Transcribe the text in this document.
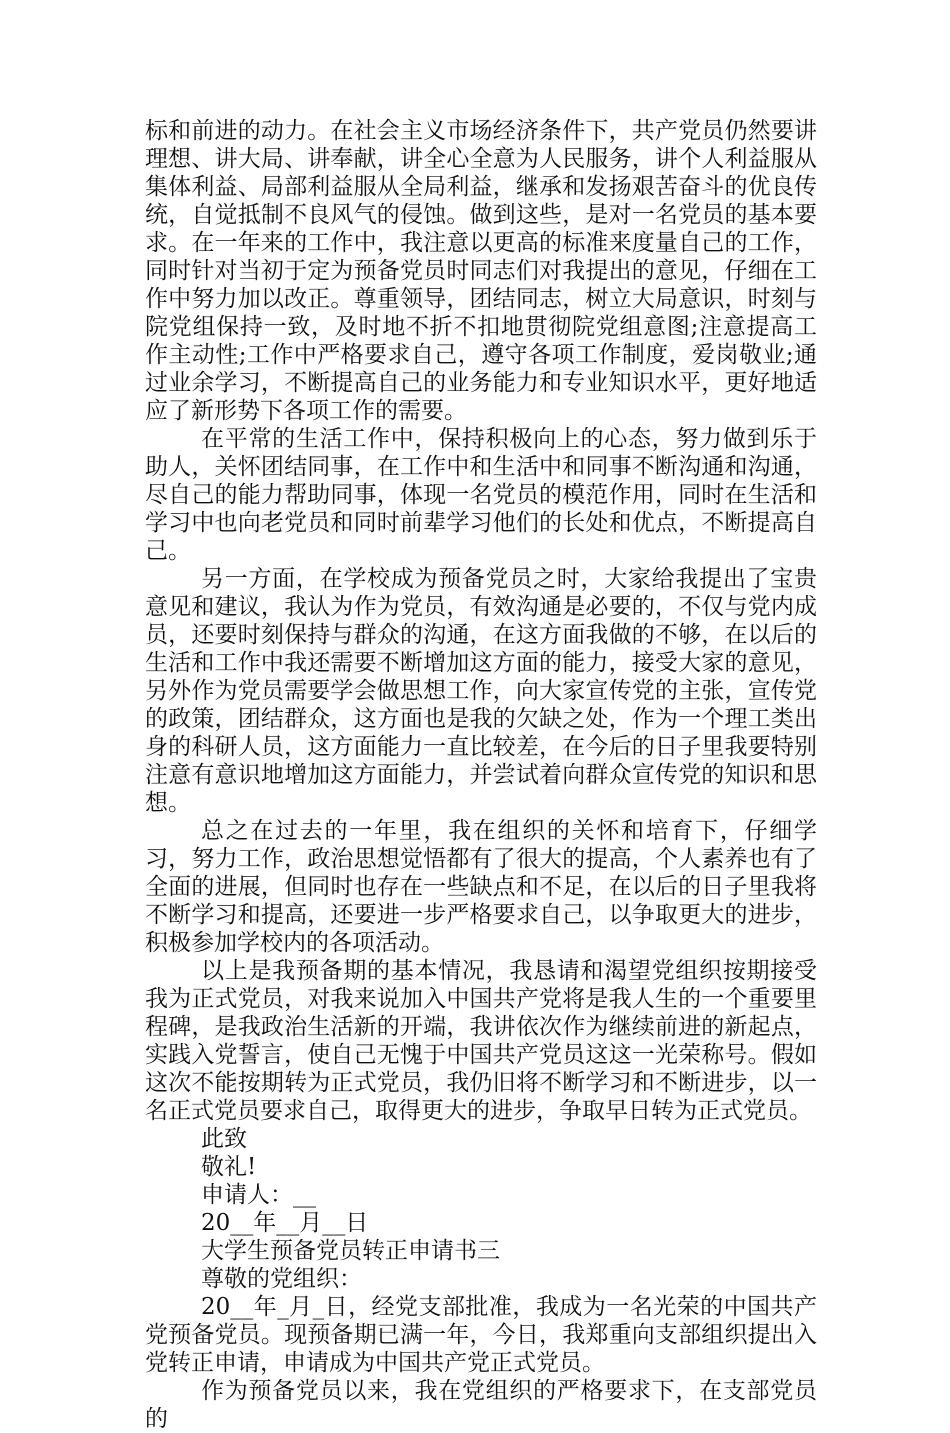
标和前进的动力。在社会主义市场经济条件下，共产党员仍然要讲理想、讲大局、讲奉献，讲全心全意为人民服务，讲个人利益服从集体利益、局部利益服从全局利益，继承和发扬艰苦奋斗的优良传统，自觉抵制不良风气的侵蚀。做到这些，是对一名党员的基本要求。在一年来的工作中，我注意以更高的标准来度量自己的工作，同时针对当初于定为预备党员时同志们对我提出的意见，仔细在工作中努力加以改正。尊重领导，团结同志，树立大局意识，时刻与院党组保持一致，及时地不折不扣地贯彻院党组意图;注意提高工作主动性;工作中严格要求自己，遵守各项工作制度，爱岗敬业;通过业余学习，不断提高自己的业务能力和专业知识水平，更好地适应了新形势下各项工作的需要。

在平常的生活工作中，保持积极向上的心态，努力做到乐于助人，关怀团结同事，在工作中和生活中和同事不断沟通和沟通，尽自己的能力帮助同事，体现一名党员的模范作用，同时在生活和学习中也向老党员和同时前辈学习他们的长处和优点，不断提高自己。

另一方面，在学校成为预备党员之时，大家给我提出了宝贵意见和建议，我认为作为党员，有效沟通是必要的，不仅与党内成员，还要时刻保持与群众的沟通，在这方面我做的不够，在以后的生活和工作中我还需要不断增加这方面的能力，接受大家的意见，另外作为党员需要学会做思想工作，向大家宣传党的主张，宣传党的政策，团结群众，这方面也是我的欠缺之处，作为一个理工类出身的科研人员，这方面能力一直比较差，在今后的日子里我要特别注意有意识地增加这方面能力，并尝试着向群众宣传党的知识和思想。

总之在过去的一年里，我在组织的关怀和培育下，仔细学习，努力工作，政治思想觉悟都有了很大的提高，个人素养也有了全面的进展，但同时也存在一些缺点和不足，在以后的日子里我将不断学习和提高，还要进一步严格要求自己，以争取更大的进步，积极参加学校内的各项活动。

以上是我预备期的基本情况，我恳请和渴望党组织按期接受我为正式党员，对我来说加入中国共产党将是我人生的一个重要里程碑，是我政治生活新的开端，我讲依次作为继续前进的新起点，实践入党誓言，使自己无愧于中国共产党员这这一光荣称号。假如这次不能按期转为正式党员，我仍旧将不断学习和不断进步，以一名正式党员要求自己，取得更大的进步，争取早日转为正式党员。

此致

敬礼!

申请人：__

20__年__月__日

大学生预备党员转正申请书三

尊敬的党组织：

20__年_月_日，经党支部批准，我成为一名光荣的中国共产党预备党员。现预备期已满一年，今日，我郑重向支部组织提出入党转正申请，申请成为中国共产党正式党员。

作为预备党员以来，我在党组织的严格要求下，在支部党员的
